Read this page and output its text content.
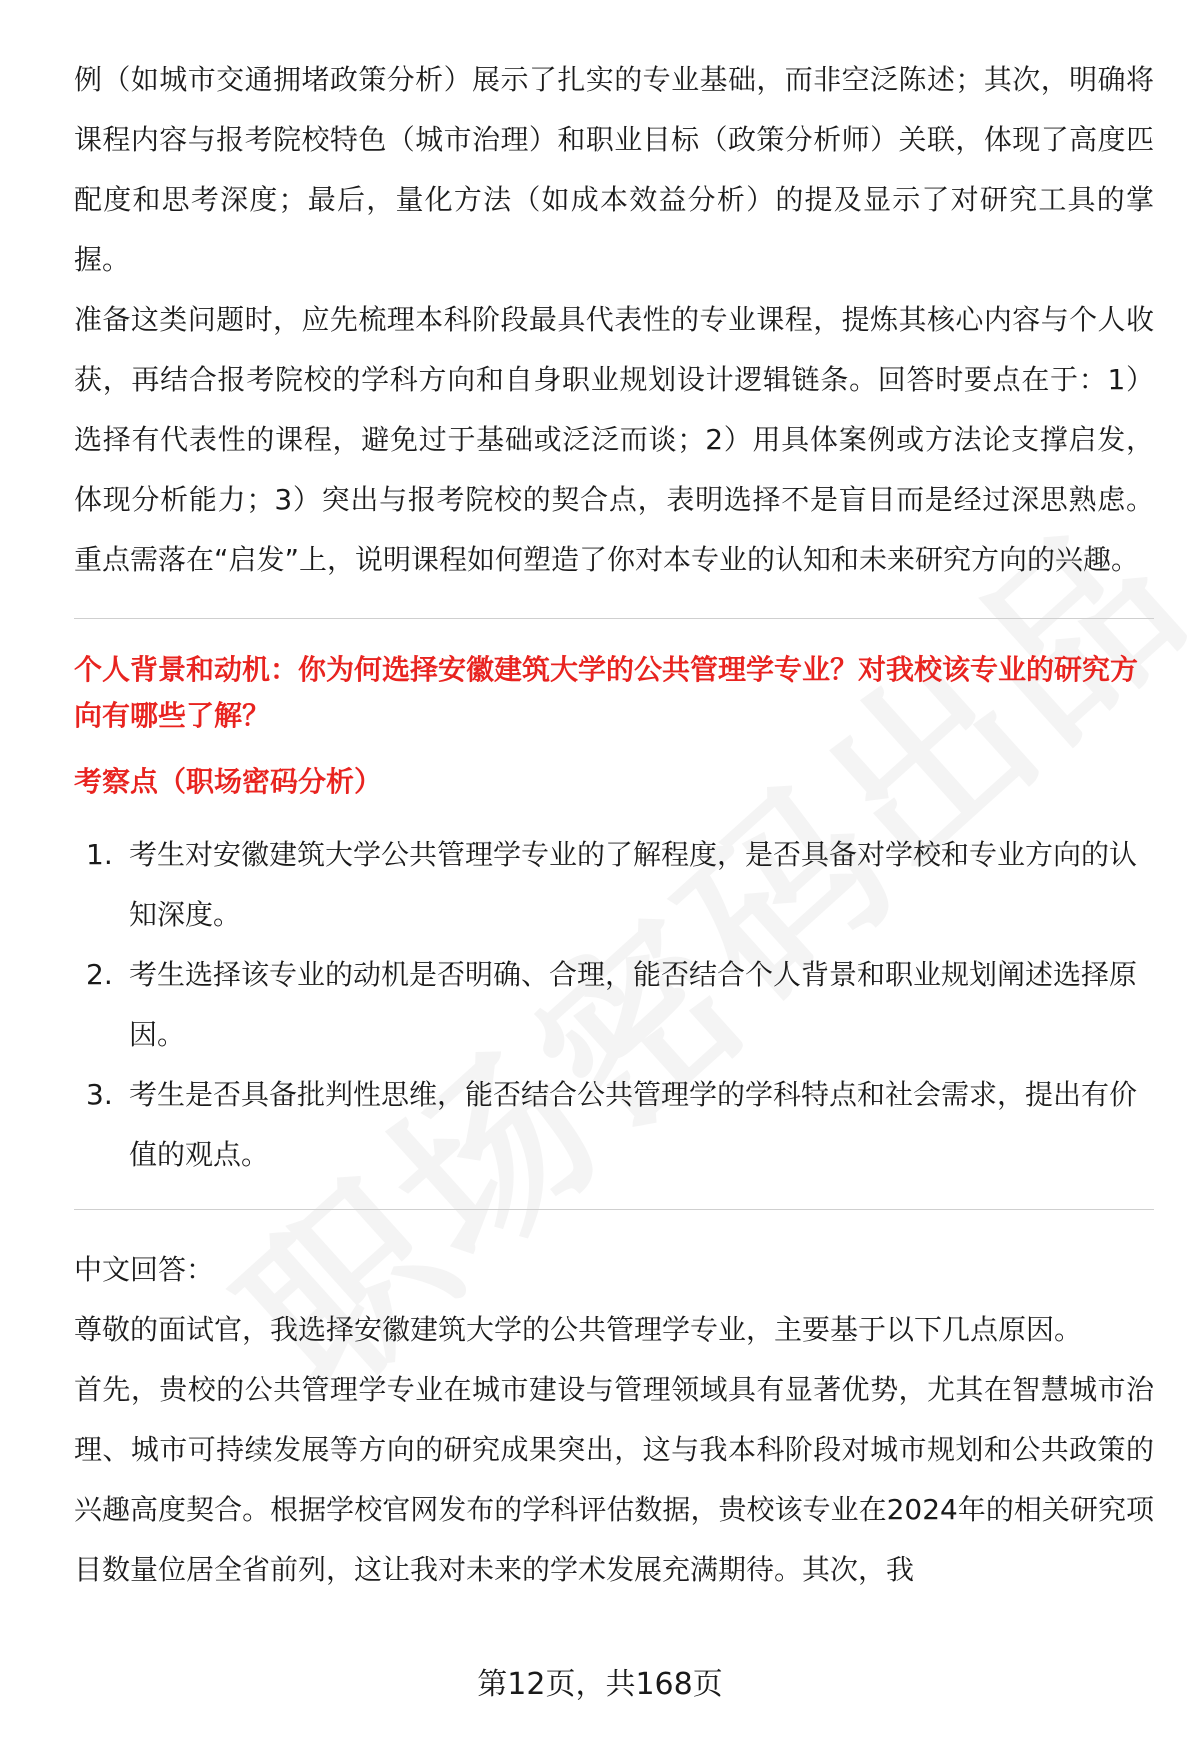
例（如城市交通拥堵政策分析）展示了扎实的专业基础，而非空泛陈述；其次，明确将课程内容与报考院校特色（城市治理）和职业目标（政策分析师）关联，体现了高度匹配度和思考深度；最后，量化方法（如成本效益分析）的提及显示了对研究工具的掌握。

准备这类问题时，应先梳理本科阶段最具代表性的专业课程，提炼其核心内容与个人收获，再结合报考院校的学科方向和自身职业规划设计逻辑链条。回答时要点在于：1）选择有代表性的课程，避免过于基础或泛泛而谈；2）用具体案例或方法论支撑启发，体现分析能力；3）突出与报考院校的契合点，表明选择不是盲目而是经过深思熟虑。重点需落在“启发”上，说明课程如何塑造了你对本专业的认知和未来研究方向的兴趣。

个人背景和动机：你为何选择安徽建筑大学的公共管理学专业？对我校该专业的研究方向有哪些了解？

考察点（职场密码分析）

1. 考生对安徽建筑大学公共管理学专业的了解程度，是否具备对学校和专业方向的认知深度。
2. 考生选择该专业的动机是否明确、合理，能否结合个人背景和职业规划阐述选择原因。
3. 考生是否具备批判性思维，能否结合公共管理学的学科特点和社会需求，提出有价值的观点。

中文回答：

尊敬的面试官，我选择安徽建筑大学的公共管理学专业，主要基于以下几点原因。

首先，贵校的公共管理学专业在城市建设与管理领域具有显著优势，尤其在智慧城市治理、城市可持续发展等方向的研究成果突出，这与我本科阶段对城市规划和公共政策的兴趣高度契合。根据学校官网发布的学科评估数据，贵校该专业在2024年的相关研究项目数量位居全省前列，这让我对未来的学术发展充满期待。其次，我

第12页，共168页
